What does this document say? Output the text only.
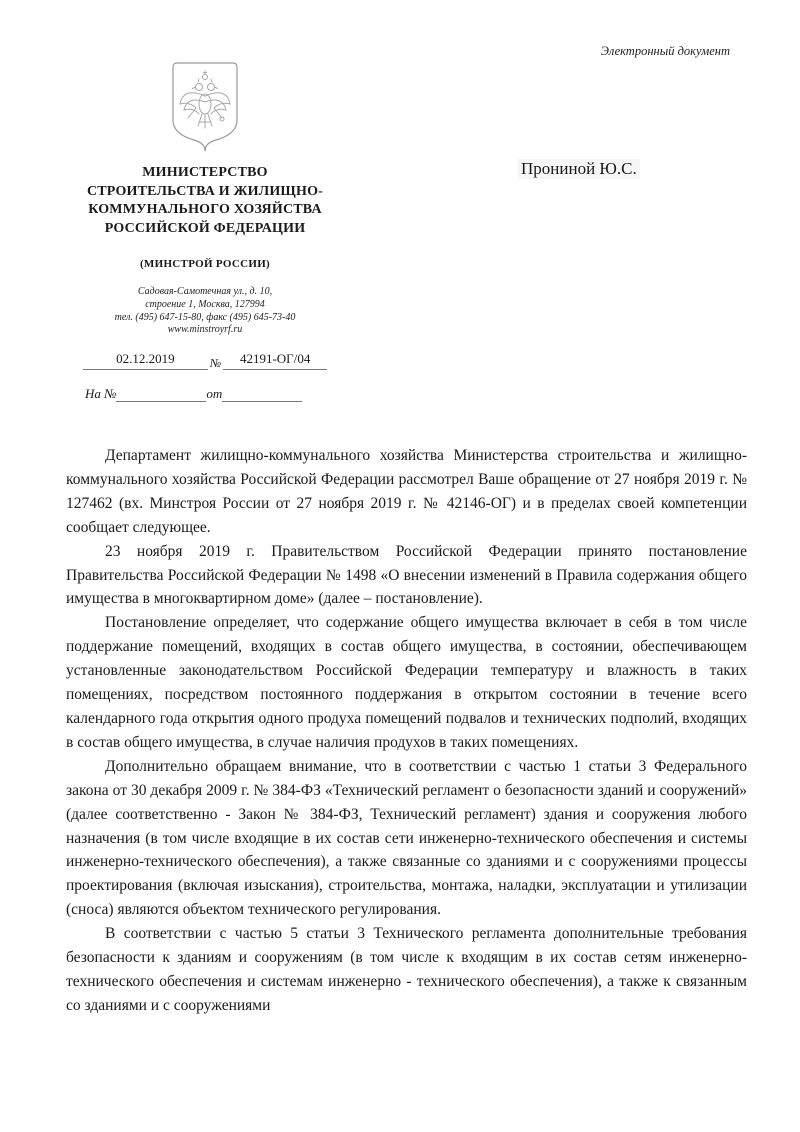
Электронный документ
МИНИСТЕРСТВО
СТРОИТЕЛЬСТВА И ЖИЛИЩНО-
КОММУНАЛЬНОГО ХОЗЯЙСТВА
РОССИЙСКОЙ ФЕДЕРАЦИИ
(МИНСТРОЙ РОССИИ)
Садовая-Самотечная ул., д. 10,
строение 1, Москва, 127994
тел. (495) 647-15-80, факс (495) 645-73-40
www.minstroyrf.ru
02.12.2019	№	42191-ОГ/04
На №	от
Прониной Ю.С.

Департамент жилищно-коммунального хозяйства Министерства строительства и жилищно-коммунального хозяйства Российской Федерации рассмотрел Ваше обращение от 27 ноября 2019 г. № 127462 (вх. Минстроя России от 27 ноября 2019 г. № 42146-ОГ) и в пределах своей компетенции сообщает следующее.

23 ноября 2019 г. Правительством Российской Федерации принято постановление Правительства Российской Федерации № 1498 «О внесении изменений в Правила содержания общего имущества в многоквартирном доме» (далее – постановление).

Постановление определяет, что содержание общего имущества включает в себя в том числе поддержание помещений, входящих в состав общего имущества, в состоянии, обеспечивающем установленные законодательством Российской Федерации температуру и влажность в таких помещениях, посредством постоянного поддержания в открытом состоянии в течение всего календарного года открытия одного продуха помещений подвалов и технических подполий, входящих в состав общего имущества, в случае наличия продухов в таких помещениях.

Дополнительно обращаем внимание, что в соответствии с частью 1 статьи 3 Федерального закона от 30 декабря 2009 г. № 384-ФЗ «Технический регламент о безопасности зданий и сооружений» (далее соответственно - Закон № 384-ФЗ, Технический регламент) здания и сооружения любого назначения (в том числе входящие в их состав сети инженерно-технического обеспечения и системы инженерно-технического обеспечения), а также связанные со зданиями и с сооружениями процессы проектирования (включая изыскания), строительства, монтажа, наладки, эксплуатации и утилизации (сноса) являются объектом технического регулирования.

В соответствии с частью 5 статьи 3 Технического регламента дополнительные требования безопасности к зданиям и сооружениям (в том числе к входящим в их состав сетям инженерно-технического обеспечения и системам инженерно - технического обеспечения), а также к связанным со зданиями и с сооружениями
